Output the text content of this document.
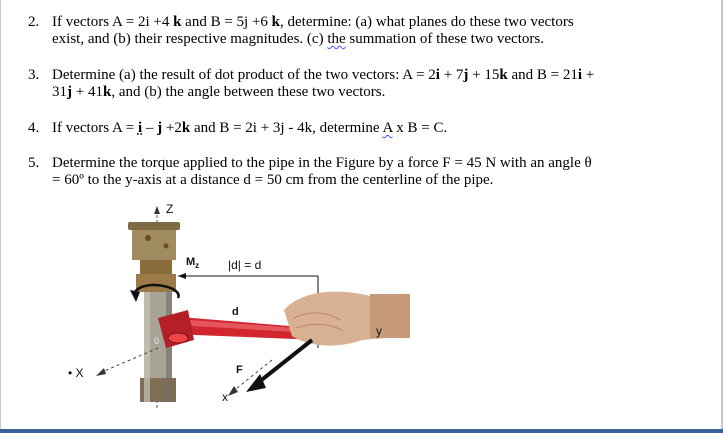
2. If vectors A = 2i +4 k and B = 5j +6 k, determine: (a) what planes do these two vectors
exist, and (b) their respective magnitudes. (c) the summation of these two vectors.
3. Determine (a) the result of dot product of the two vectors: A = 2i + 7j + 15k and B = 21i +
31j + 41k, and (b) the angle between these two vectors.
4. If vectors A = i – j +2k and B = 2i + 3j - 4k, determine A x B = C.
5. Determine the torque applied to the pipe in the Figure by a force F = 45 N with an angle θ
= 60º to the y-axis at a distance d = 50 cm from the centerline of the pipe.
Z
$M_z$ |d| = d
d
0
y
F
• X
x
